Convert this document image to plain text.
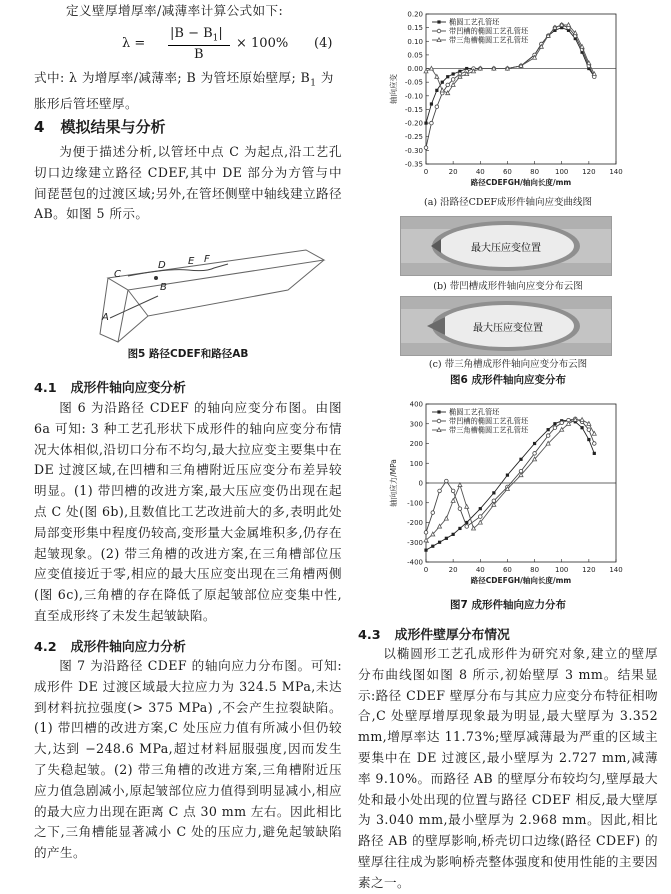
定义壁厚增厚率/减薄率计算公式如下:
λ =
$|B - B_1|$
B
× 100% (4)
式中: λ 为增厚率/减薄率; B 为管坯原始壁厚; $B_1$ 为
胀形后管坯壁厚。
4 模拟结果与分析
为便于描述分析,以管坯中点 C 为起点,沿工艺孔切口边缘建立路径 CDEF,其中 DE 部分为方管与中间琵琶包的过渡区域;另外,在管坯侧壁中轴线建立路径 AB。如图 5 所示。
C
D E F
B
A
图5 路径CDEF和路径AB
4.1 成形件轴向应变分析
图 6 为沿路径 CDEF 的轴向应变分布图。由图 6a 可知: 3 种工艺孔形状下成形件的轴向应变分布情况大体相似,沿切口分布不均匀,最大拉应变主要集中在 DE 过渡区域,在凹槽和三角槽附近压应变分布差异较明显。(1) 带凹槽的改进方案,最大压应变仍出现在起点 C 处(图 6b),且数值比工艺改进前大的多,表明此处局部变形集中程度仍较高,变形量大金属堆积多,仍存在起皱现象。(2) 带三角槽的改进方案,在三角槽部位压应变值接近于零,相应的最大压应变出现在三角槽两侧(图 6c),三角槽的存在降低了原起皱部位应变集中性,直至成形终了未发生起皱缺陷。
4.2 成形件轴向应力分析
图 7 为沿路径 CDEF 的轴向应力分布图。可知:成形件 DE 过渡区域最大拉应力为 324.5 MPa,未达到材料抗拉强度(> 375 MPa) ,不会产生拉裂缺陷。(1) 带凹槽的改进方案,C 处压应力值有所减小但仍较大,达到 −248.6 MPa,超过材料屈服强度,因而发生了失稳起皱。(2) 带三角槽的改进方案,三角槽附近压应力值急剧减小,原起皱部位应力值得到明显减小,相应的最大应力出现在距离 C 点 30 mm 左右。因此相比之下,三角槽能显著减小 C 处的压应力,避免起皱缺陷的产生。
0.20
0.15
0.10
0.05
0.00
-0.05
-0.10
-0.15
-0.20
-0.25
-0.30
-0.35
0	20	40	60	80 100 120 140
路径CDEFGH/轴向长度/mm
轴向应变
椭圆工艺孔管坯
带凹槽的椭圆工艺孔管坯
带三角槽椭圆工艺孔管坯
(a) 沿路径CDEF成形件轴向应变曲线图
最大压应变位置
(b) 带凹槽成形件轴向应变分布云图
最大压应变位置
(c) 带三角槽成形件轴向应变分布云图
图6 成形件轴向应变分布
400
300
200
100
0
-100
-200
-300
-400
0	20	40	60	80 100 120 140
路径CDEFGH/轴向长度/mm
轴向应力/MPa
椭圆工艺孔管坯
带凹槽的椭圆工艺孔管坯
带三角槽椭圆工艺孔管坯
图7 成形件轴向应力分布
4.3 成形件壁厚分布情况
以椭圆形工艺孔成形件为研究对象,建立的壁厚分布曲线图如图 8 所示,初始壁厚 3 mm。结果显示:路径 CDEF 壁厚分布与其应力应变分布特征相吻合,C 处壁厚增厚现象最为明显,最大壁厚为 3.352 mm,增厚率达 11.73%;壁厚减薄最为严重的区域主要集中在 DE 过渡区,最小壁厚为 2.727 mm,减薄率 9.10%。而路径 AB 的壁厚分布较均匀,壁厚最大处和最小处出现的位置与路径 CDEF 相反,最大壁厚为 3.040 mm,最小壁厚为 2.968 mm。因此,相比路径 AB 的壁厚影响,桥壳切口边缘(路径 CDEF) 的壁厚往往成为影响桥壳整体强度和使用性能的主要因素之一。
